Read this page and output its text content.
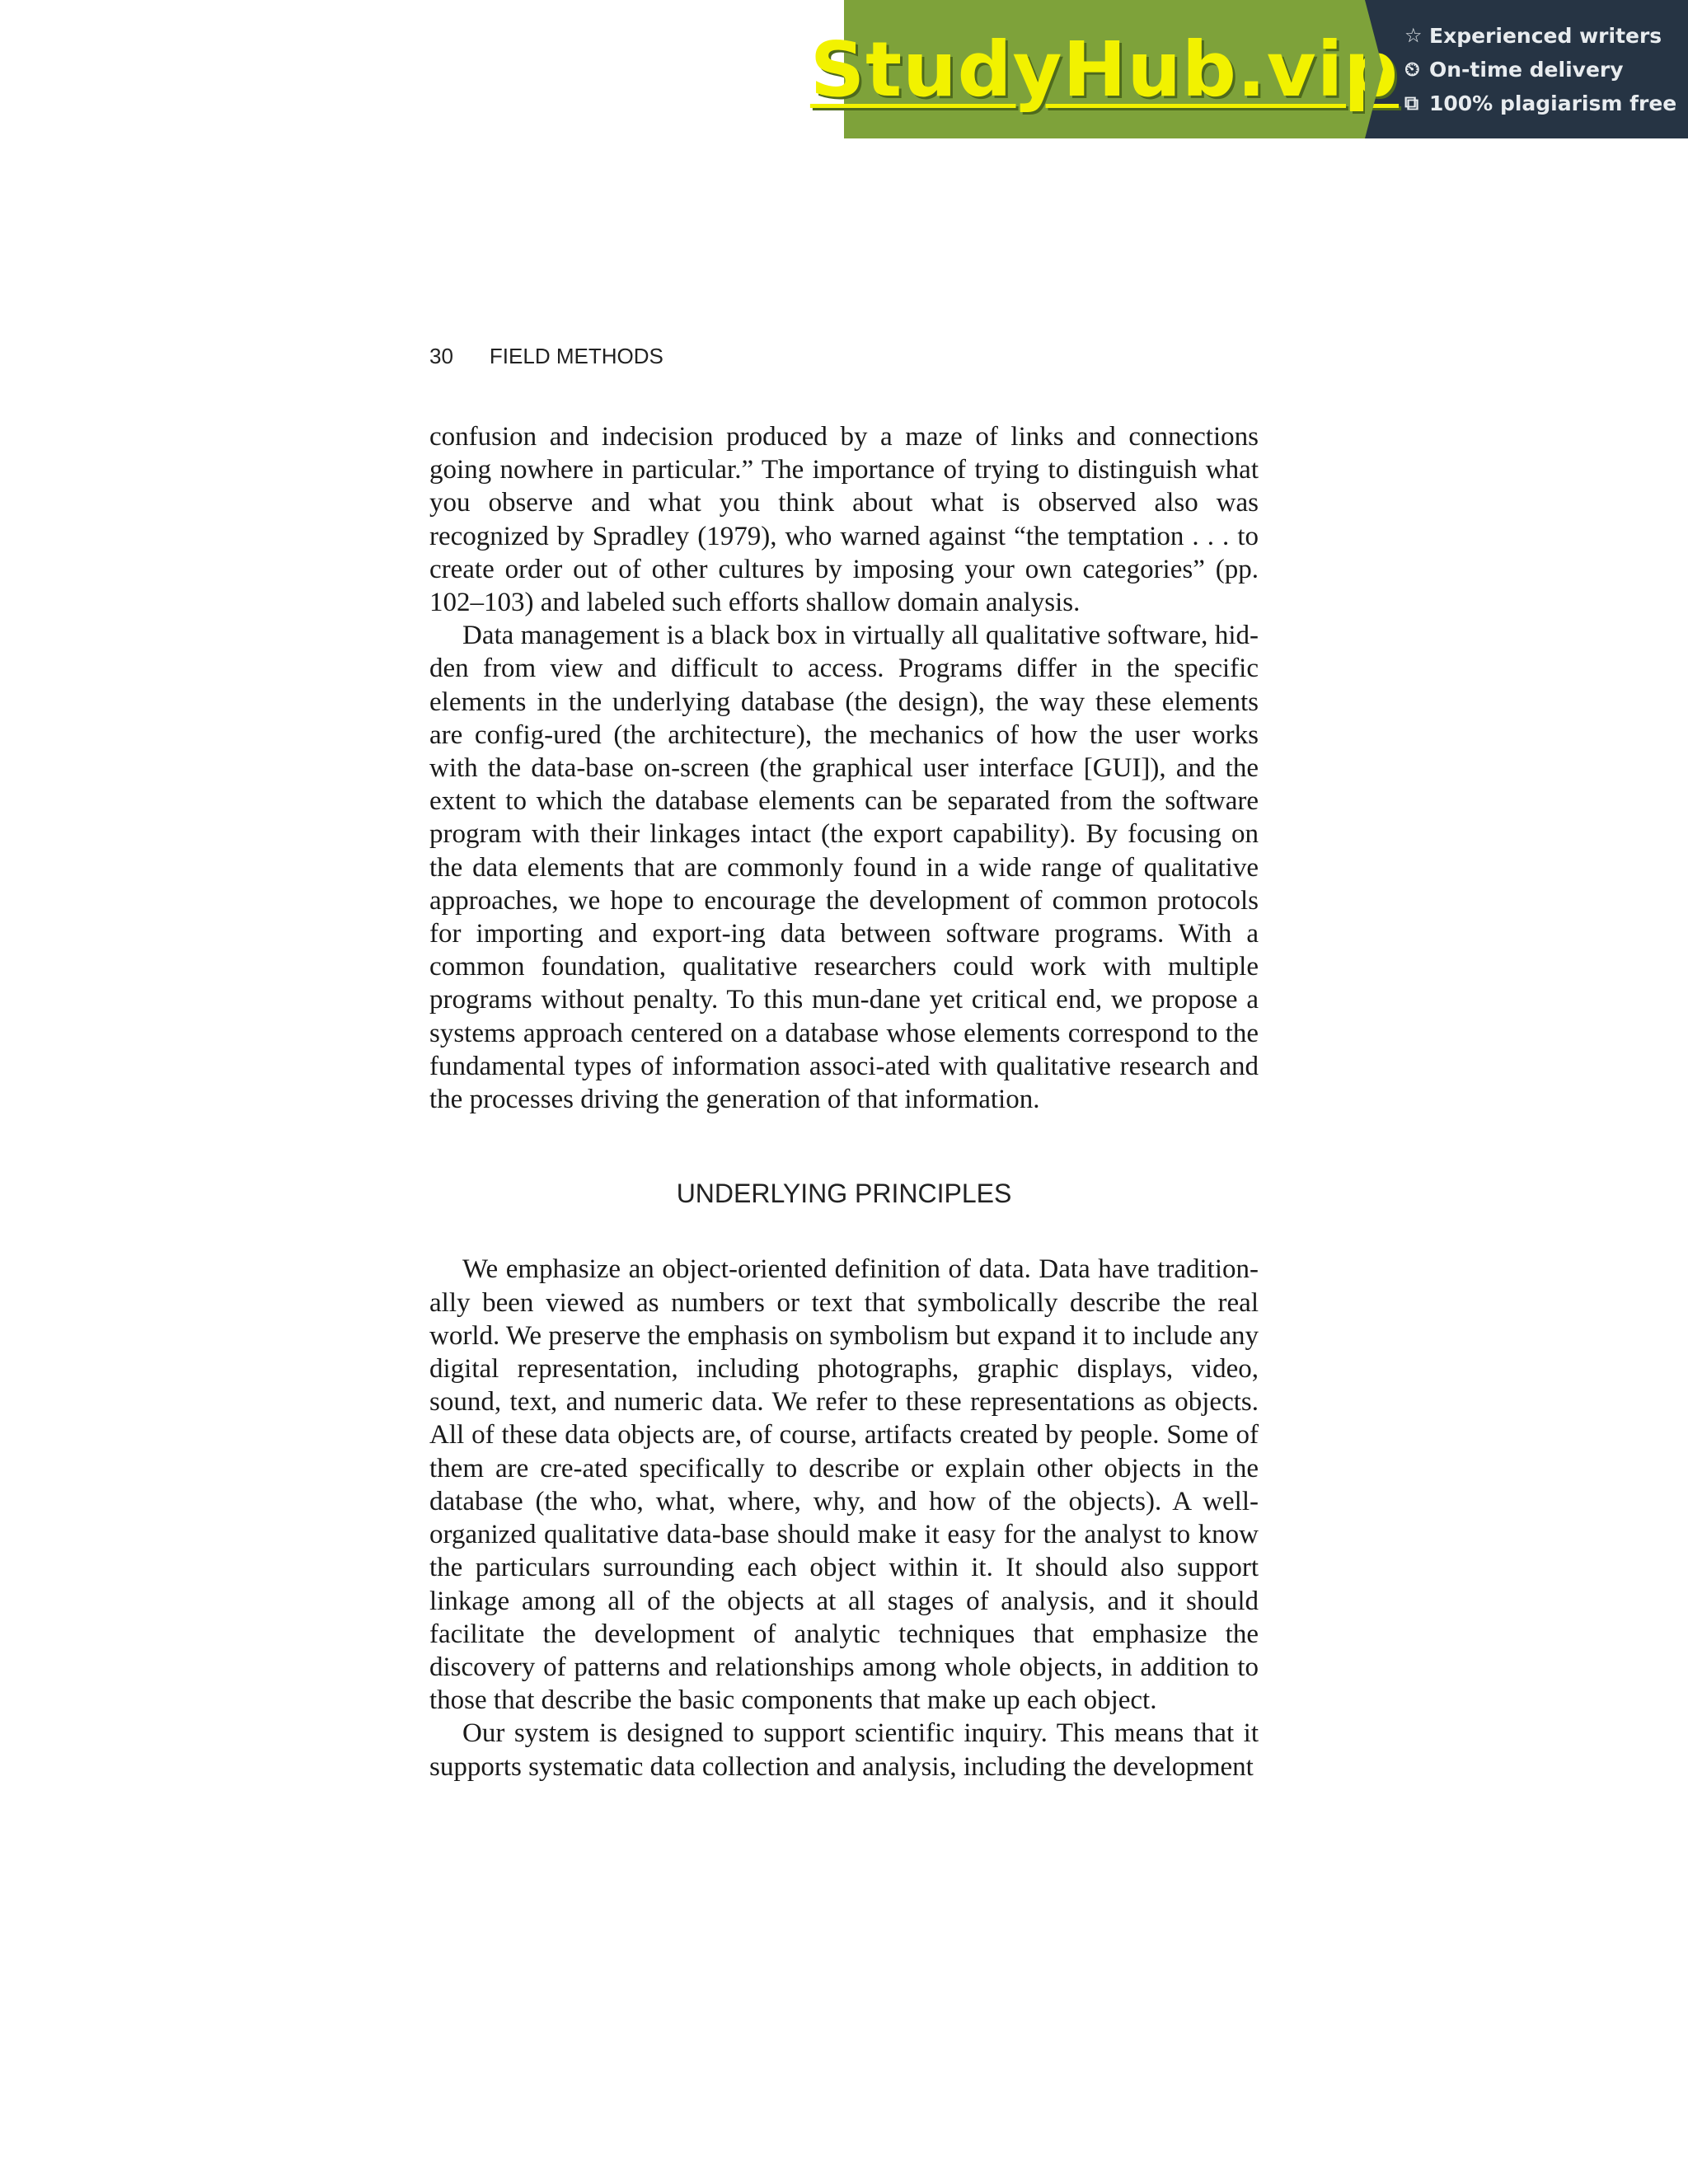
StudyHub.vip ☆ Experienced writers
⏲ On-time delivery
⧉ 100% plagiarism free
30 FIELD METHODS

confusion and indecision produced by a maze of links and connections going nowhere in particular.” The importance of trying to distinguish what you observe and what you think about what is observed also was recognized by Spradley (1979), who warned against “the temptation . . . to create order out of other cultures by imposing your own categories” (pp. 102–103) and labeled such efforts shallow domain analysis.

Data management is a black box in virtually all qualitative software, hid-den from view and difficult to access. Programs differ in the specific elements in the underlying database (the design), the way these elements are config-ured (the architecture), the mechanics of how the user works with the data-base on-screen (the graphical user interface [GUI]), and the extent to which the database elements can be separated from the software program with their linkages intact (the export capability). By focusing on the data elements that are commonly found in a wide range of qualitative approaches, we hope to encourage the development of common protocols for importing and export-ing data between software programs. With a common foundation, qualitative researchers could work with multiple programs without penalty. To this mun-dane yet critical end, we propose a systems approach centered on a database whose elements correspond to the fundamental types of information associ-ated with qualitative research and the processes driving the generation of that information.

UNDERLYING PRINCIPLES

We emphasize an object-oriented definition of data. Data have tradition-ally been viewed as numbers or text that symbolically describe the real world. We preserve the emphasis on symbolism but expand it to include any digital representation, including photographs, graphic displays, video, sound, text, and numeric data. We refer to these representations as objects. All of these data objects are, of course, artifacts created by people. Some of them are cre-ated specifically to describe or explain other objects in the database (the who, what, where, why, and how of the objects). A well-organized qualitative data-base should make it easy for the analyst to know the particulars surrounding each object within it. It should also support linkage among all of the objects at all stages of analysis, and it should facilitate the development of analytic techniques that emphasize the discovery of patterns and relationships among whole objects, in addition to those that describe the basic components that make up each object.

Our system is designed to support scientific inquiry. This means that it supports systematic data collection and analysis, including the development
